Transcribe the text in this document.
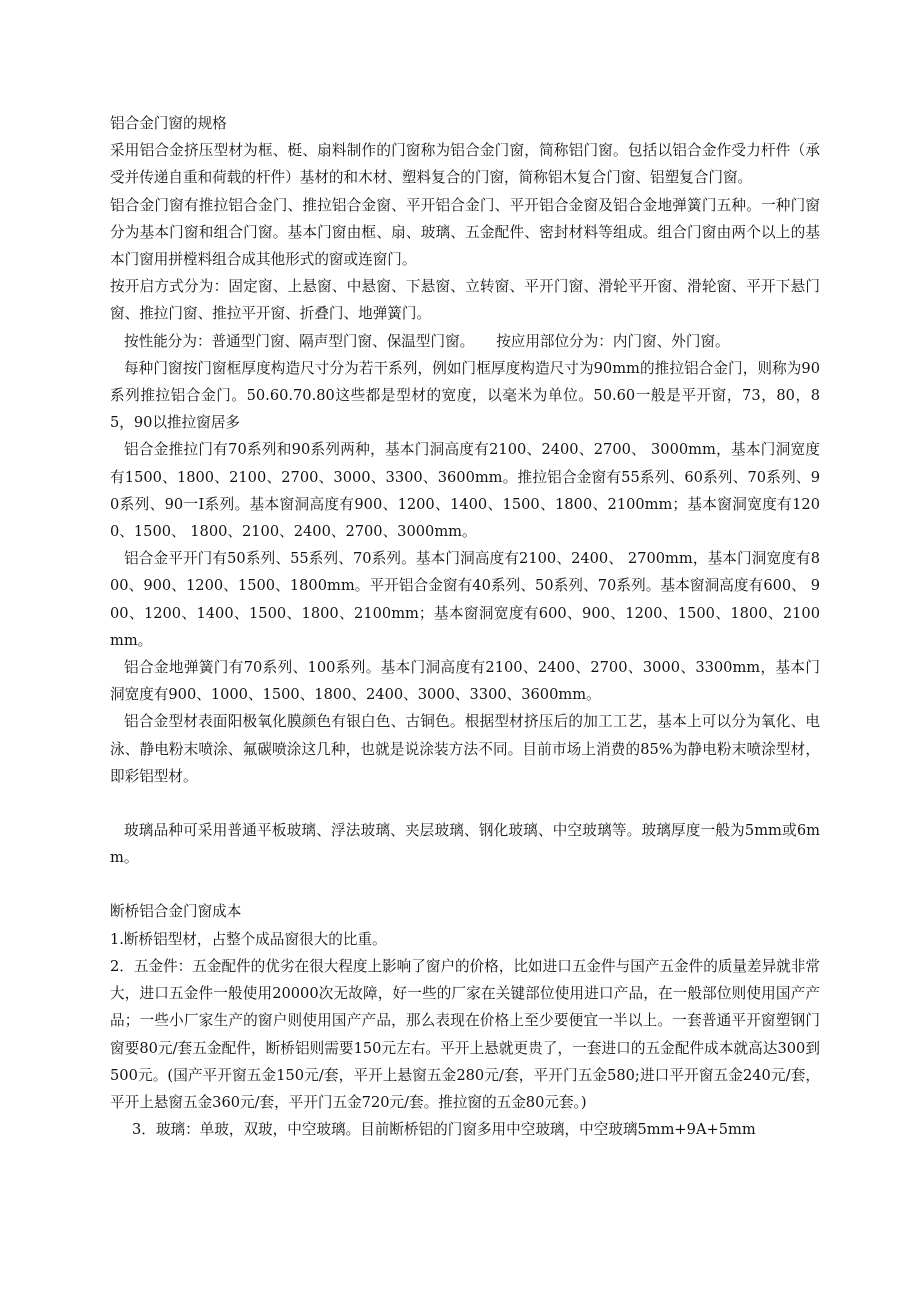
铝合金门窗的规格

采用铝合金挤压型材为框、梃、扇料制作的门窗称为铝合金门窗，简称铝门窗。包括以铝合金作受力杆件（承受并传递自重和荷载的杆件）基材的和木材、塑料复合的门窗，简称铝木复合门窗、铝塑复合门窗。

铝合金门窗有推拉铝合金门、推拉铝合金窗、平开铝合金门、平开铝合金窗及铝合金地弹簧门五种。一种门窗分为基本门窗和组合门窗。基本门窗由框、扇、玻璃、五金配件、密封材料等组成。组合门窗由两个以上的基本门窗用拼樘料组合成其他形式的窗或连窗门。

按开启方式分为：固定窗、上悬窗、中悬窗、下悬窗、立转窗、平开门窗、滑轮平开窗、滑轮窗、平开下悬门窗、推拉门窗、推拉平开窗、折叠门、地弹簧门。

按性能分为：普通型门窗、隔声型门窗、保温型门窗。　　按应用部位分为：内门窗、外门窗。

每种门窗按门窗框厚度构造尺寸分为若干系列，例如门框厚度构造尺寸为90mm的推拉铝合金门，则称为90系列推拉铝合金门。50.60.70.80这些都是型材的宽度，以毫米为单位。50.60一般是平开窗，73，80，85，90以推拉窗居多

铝合金推拉门有70系列和90系列两种，基本门洞高度有2100、2400、2700、 3000mm，基本门洞宽度有1500、1800、2100、2700、3000、3300、3600mm。推拉铝合金窗有55系列、60系列、70系列、90系列、90一I系列。基本窗洞高度有900、1200、1400、1500、1800、2100mm；基本窗洞宽度有1200、1500、 1800、2100、2400、2700、3000mm。

铝合金平开门有50系列、55系列、70系列。基本门洞高度有2100、2400、 2700mm，基本门洞宽度有800、900、1200、1500、1800mm。平开铝合金窗有40系列、50系列、70系列。基本窗洞高度有600、 900、1200、1400、1500、1800、2100mm；基本窗洞宽度有600、900、1200、1500、1800、2100mm。

铝合金地弹簧门有70系列、100系列。基本门洞高度有2100、2400、2700、3000、3300mm，基本门洞宽度有900、1000、1500、1800、2400、3000、3300、3600mm。

铝合金型材表面阳极氧化膜颜色有银白色、古铜色。根据型材挤压后的加工工艺，基本上可以分为氧化、电泳、静电粉末喷涂、氟碳喷涂这几种，也就是说涂装方法不同。目前市场上消费的85%为静电粉末喷涂型材，即彩铝型材。

玻璃品种可采用普通平板玻璃、浮法玻璃、夹层玻璃、钢化玻璃、中空玻璃等。玻璃厚度一般为5mm或6mm。

断桥铝合金门窗成本

1.断桥铝型材，占整个成品窗很大的比重。

2．五金件：五金配件的优劣在很大程度上影响了窗户的价格，比如进口五金件与国产五金件的质量差异就非常大，进口五金件一般使用20000次无故障，好一些的厂家在关键部位使用进口产品，在一般部位则使用国产产品；一些小厂家生产的窗户则使用国产产品，那么表现在价格上至少要便宜一半以上。一套普通平开窗塑钢门窗要80元/套五金配件，断桥铝则需要150元左右。平开上悬就更贵了，一套进口的五金配件成本就高达300到500元。(国产平开窗五金150元/套，平开上悬窗五金280元/套，平开门五金580;进口平开窗五金240元/套，平开上悬窗五金360元/套，平开门五金720元/套。推拉窗的五金80元套。)

3．玻璃：单玻，双玻，中空玻璃。目前断桥铝的门窗多用中空玻璃，中空玻璃5mm+9A+5mm
